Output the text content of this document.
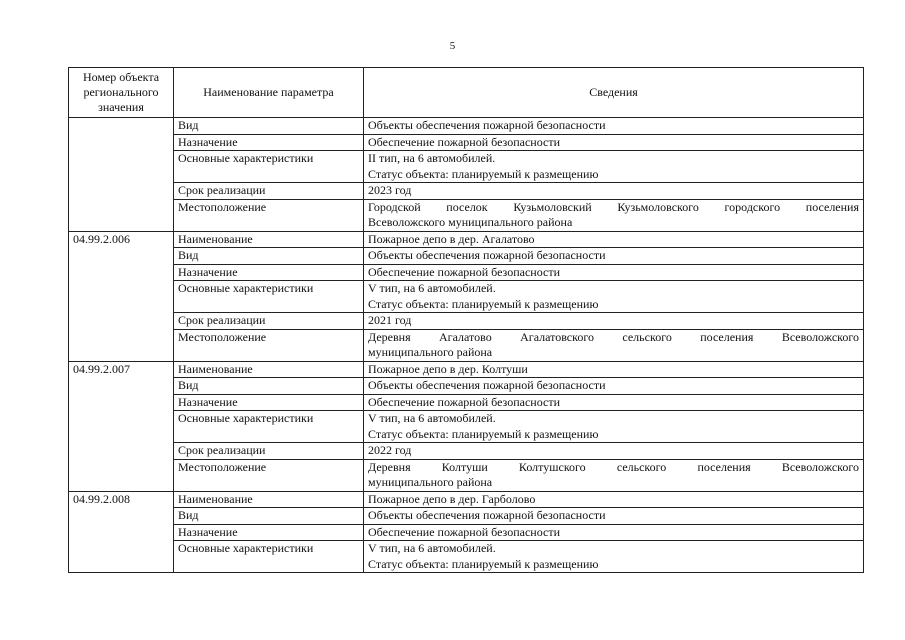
5
Номер объекта регионального значения	Наименование параметра	Сведения
	Вид	Объекты обеспечения пожарной безопасности

	Назначение	Обеспечение пожарной безопасности

	Основные характеристики	II тип, на 6 автомобилей.
Статус объекта: планируемый к размещению

	Срок реализации	2023 год

	Местоположение	Городской поселок Кузьмоловский Кузьмоловского городского поселения
Всеволожского муниципального района

04.99.2.006	Наименование	Пожарное депо в дер. Агалатово

	Вид	Объекты обеспечения пожарной безопасности

	Назначение	Обеспечение пожарной безопасности

	Основные характеристики	V тип, на 6 автомобилей.
Статус объекта: планируемый к размещению

	Срок реализации	2021 год

	Местоположение	Деревня Агалатово Агалатовского сельского поселения Всеволожского
муниципального района

04.99.2.007	Наименование	Пожарное депо в дер. Колтуши

	Вид	Объекты обеспечения пожарной безопасности

	Назначение	Обеспечение пожарной безопасности

	Основные характеристики	V тип, на 6 автомобилей.
Статус объекта: планируемый к размещению

	Срок реализации	2022 год

	Местоположение	Деревня Колтуши Колтушского сельского поселения Всеволожского
муниципального района

04.99.2.008	Наименование	Пожарное депо в дер. Гарболово

	Вид	Объекты обеспечения пожарной безопасности

	Назначение	Обеспечение пожарной безопасности

	Основные характеристики	V тип, на 6 автомобилей.
Статус объекта: планируемый к размещению
